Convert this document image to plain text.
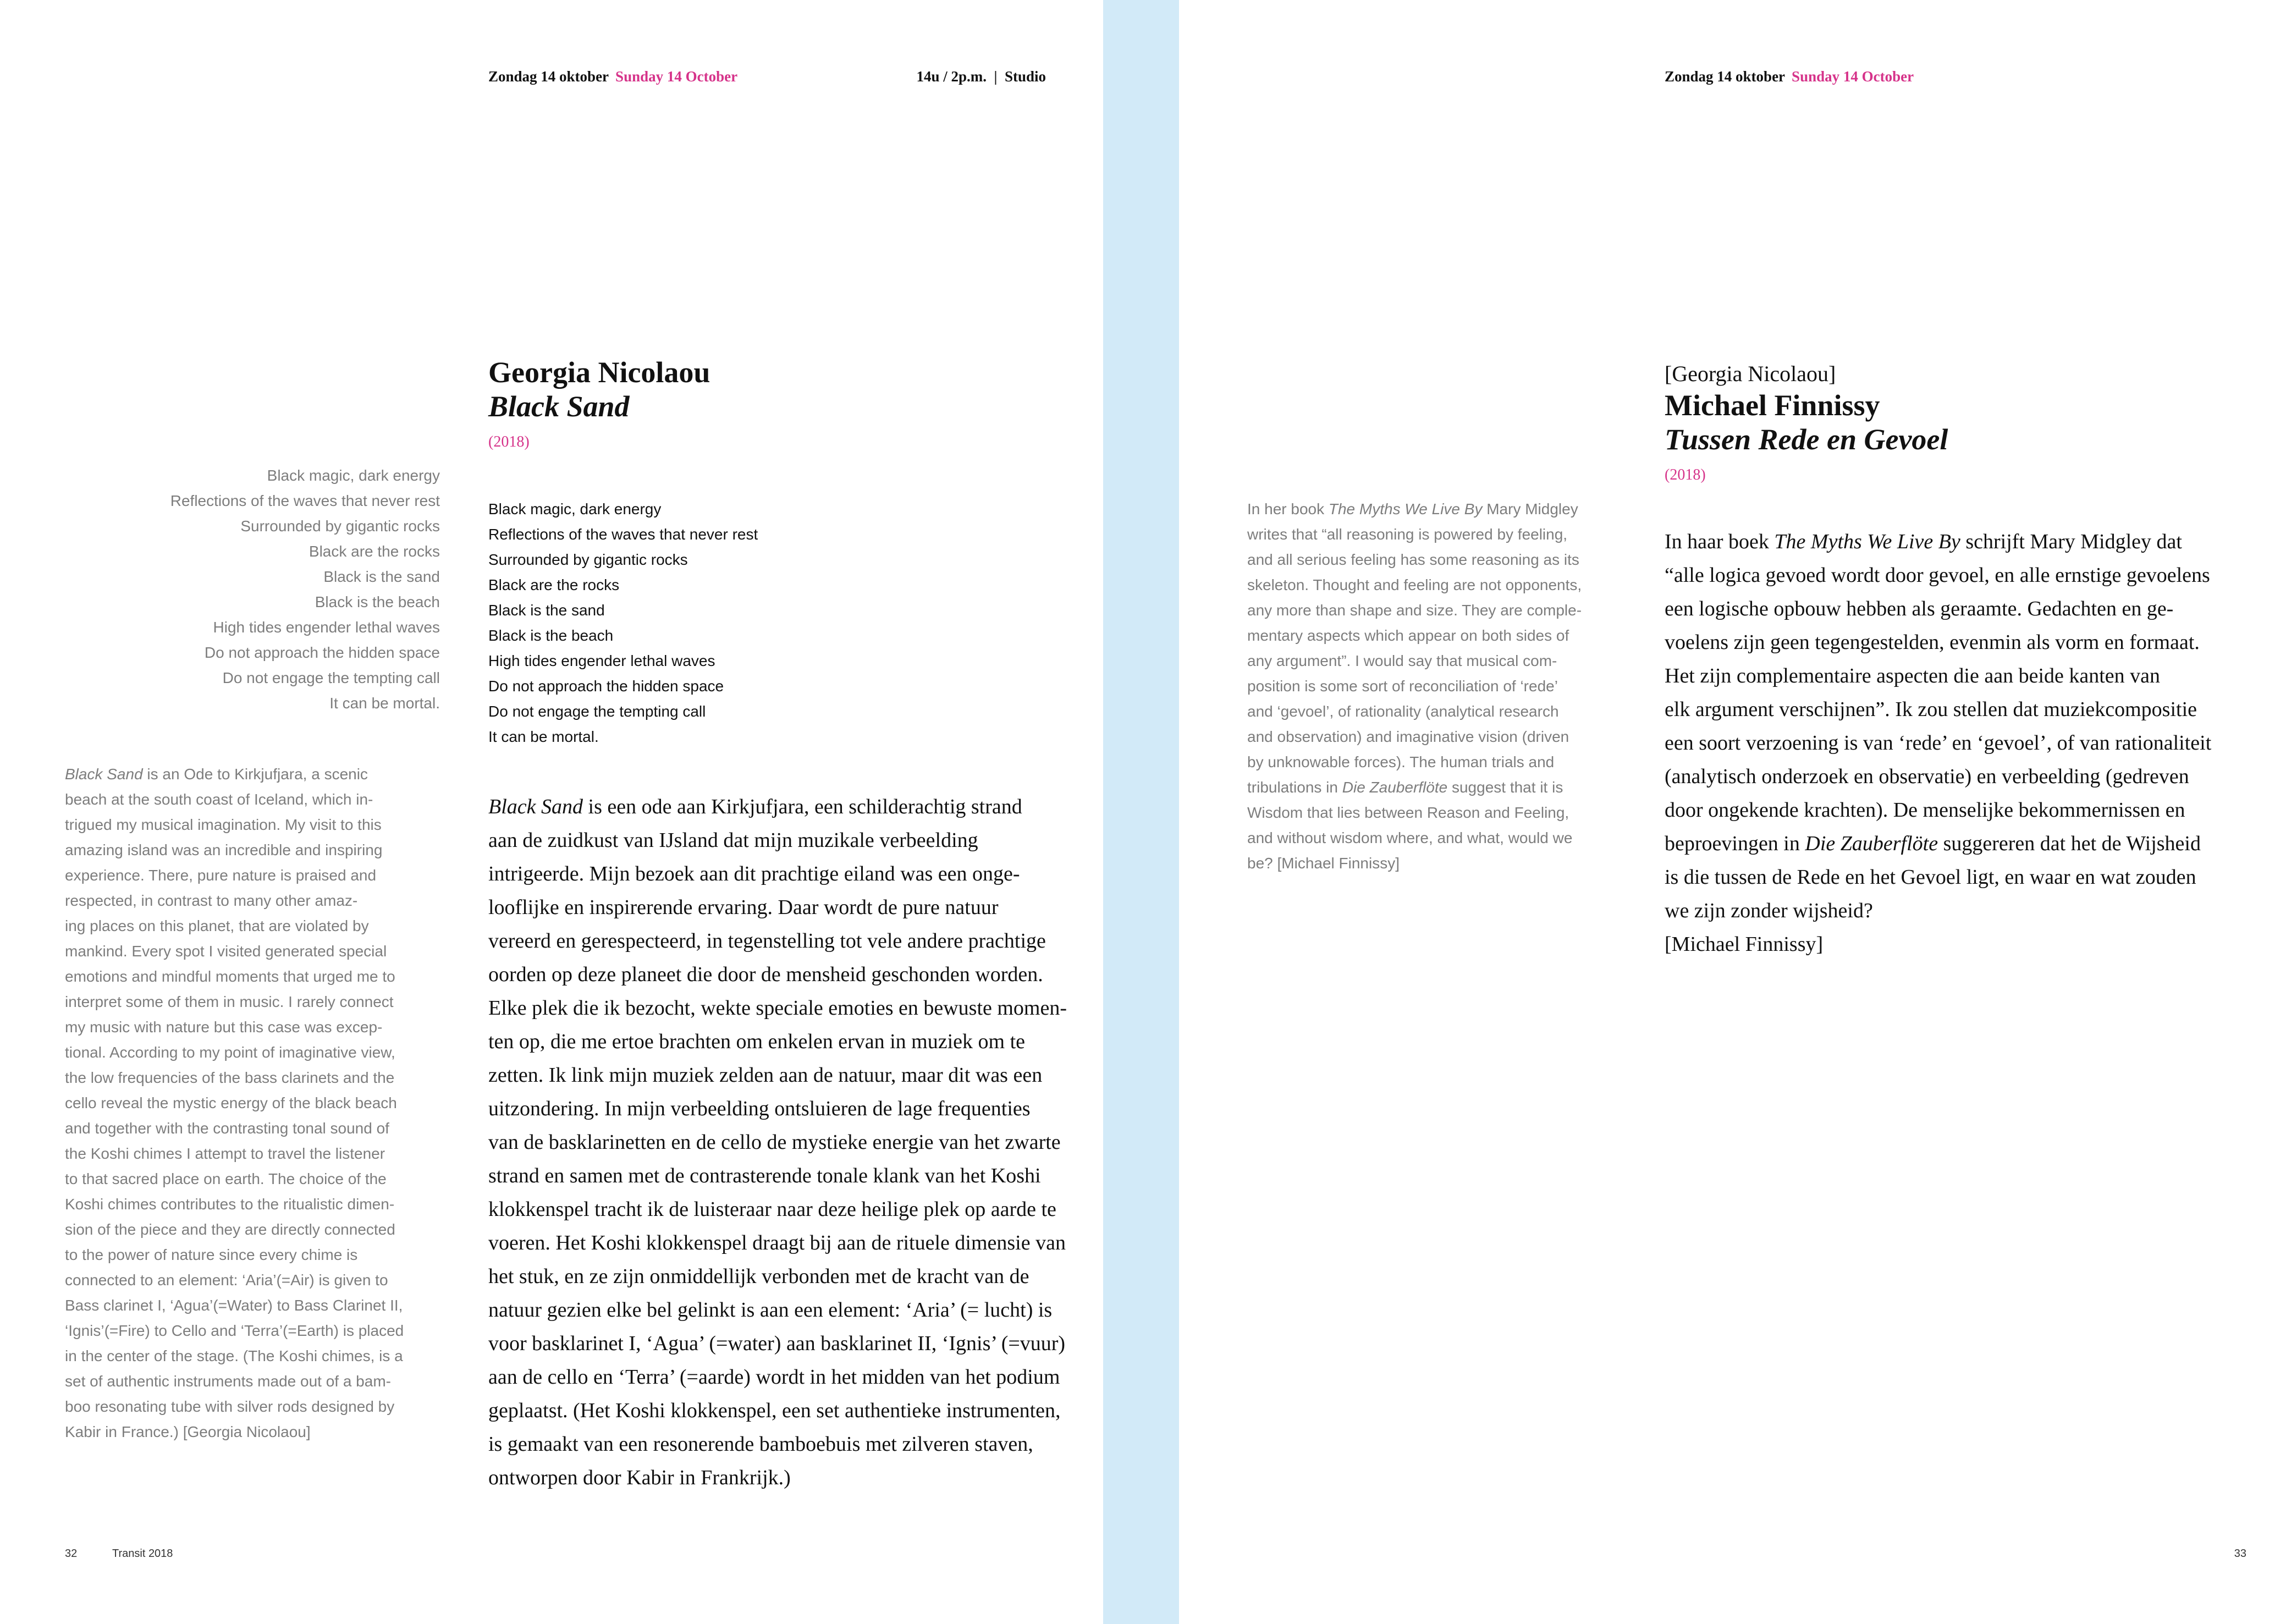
Zondag 14 oktober Sunday 14 October	14u / 2p.m.  |  Studio
Georgia Nicolaou
Black Sand
(2018)
Black magic, dark energy
Reflections of the waves that never rest
Surrounded by gigantic rocks
Black are the rocks
Black is the sand
Black is the beach
High tides engender lethal waves
Do not approach the hidden space
Do not engage the tempting call
It can be mortal.
Black magic, dark energy
Reflections of the waves that never rest
Surrounded by gigantic rocks
Black are the rocks
Black is the sand
Black is the beach
High tides engender lethal waves
Do not approach the hidden space
Do not engage the tempting call
It can be mortal.
Black Sand is an Ode to Kirkjufjara, a scenic
beach at the south coast of Iceland, which in-
trigued my musical imagination. My visit to this
amazing island was an incredible and inspiring
experience. There, pure nature is praised and
respected, in contrast to many other amaz-
ing places on this planet, that are violated by
mankind. Every spot I visited generated special
emotions and mindful moments that urged me to
interpret some of them in music. I rarely connect
my music with nature but this case was excep-
tional. According to my point of imaginative view,
the low frequencies of the bass clarinets and the
cello reveal the mystic energy of the black beach
and together with the contrasting tonal sound of
the Koshi chimes I attempt to travel the listener
to that sacred place on earth. The choice of the
Koshi chimes contributes to the ritualistic dimen-
sion of the piece and they are directly connected
to the power of nature since every chime is
connected to an element: ‘Aria’(=Air) is given to
Bass clarinet I, ‘Agua’(=Water) to Bass Clarinet II,
‘Ignis’(=Fire) to Cello and ‘Terra’(=Earth) is placed
in the center of the stage. (The Koshi chimes, is a
set of authentic instruments made out of a bam-
boo resonating tube with silver rods designed by
Kabir in France.) [Georgia Nicolaou]
Black Sand is een ode aan Kirkjufjara, een schilderachtig strand
aan de zuidkust van IJsland dat mijn muzikale verbeelding
intrigeerde. Mijn bezoek aan dit prachtige eiland was een onge-
looflijke en inspirerende ervaring. Daar wordt de pure natuur
vereerd en gerespecteerd, in tegenstelling tot vele andere prachtige
oorden op deze planeet die door de mensheid geschonden worden.
Elke plek die ik bezocht, wekte speciale emoties en bewuste momen-
ten op, die me ertoe brachten om enkelen ervan in muziek om te
zetten. Ik link mijn muziek zelden aan de natuur, maar dit was een
uitzondering. In mijn verbeelding ontsluieren de lage frequenties
van de basklarinetten en de cello de mystieke energie van het zwarte
strand en samen met de contrasterende tonale klank van het Koshi
klokkenspel tracht ik de luisteraar naar deze heilige plek op aarde te
voeren. Het Koshi klokkenspel draagt bij aan de rituele dimensie van
het stuk, en ze zijn onmiddellijk verbonden met de kracht van de
natuur gezien elke bel gelinkt is aan een element: ‘Aria’ (= lucht) is
voor basklarinet I, ‘Agua’ (=water) aan basklarinet II, ‘Ignis’ (=vuur)
aan de cello en ‘Terra’ (=aarde) wordt in het midden van het podium
geplaatst. (Het Koshi klokkenspel, een set authentieke instrumenten,
is gemaakt van een resonerende bamboebuis met zilveren staven,
ontworpen door Kabir in Frankrijk.)
32	Transit 2018
Zondag 14 oktober Sunday 14 October
[Georgia Nicolaou]
Michael Finnissy
Tussen Rede en Gevoel
(2018)
In her book The Myths We Live By Mary Midgley
writes that “all reasoning is powered by feeling,
and all serious feeling has some reasoning as its
skeleton. Thought and feeling are not opponents,
any more than shape and size. They are comple-
mentary aspects which appear on both sides of
any argument”. I would say that musical com-
position is some sort of reconciliation of ‘rede’
and ‘gevoel’, of rationality (analytical research
and observation) and imaginative vision (driven
by unknowable forces). The human trials and
tribulations in Die Zauberflöte suggest that it is
Wisdom that lies between Reason and Feeling,
and without wisdom where, and what, would we
be? [Michael Finnissy]
In haar boek The Myths We Live By schrijft Mary Midgley dat
“alle logica gevoed wordt door gevoel, en alle ernstige gevoelens
een logische opbouw hebben als geraamte. Gedachten en ge-
voelens zijn geen tegengestelden, evenmin als vorm en formaat.
Het zijn complementaire aspecten die aan beide kanten van
elk argument verschijnen”. Ik zou stellen dat muziekcompositie
een soort verzoening is van ‘rede’ en ‘gevoel’, of van rationaliteit
(analytisch onderzoek en observatie) en verbeelding (gedreven
door ongekende krachten). De menselijke bekommernissen en
beproevingen in Die Zauberflöte suggereren dat het de Wijsheid
is die tussen de Rede en het Gevoel ligt, en waar en wat zouden
we zijn zonder wijsheid?
[Michael Finnissy]
33
